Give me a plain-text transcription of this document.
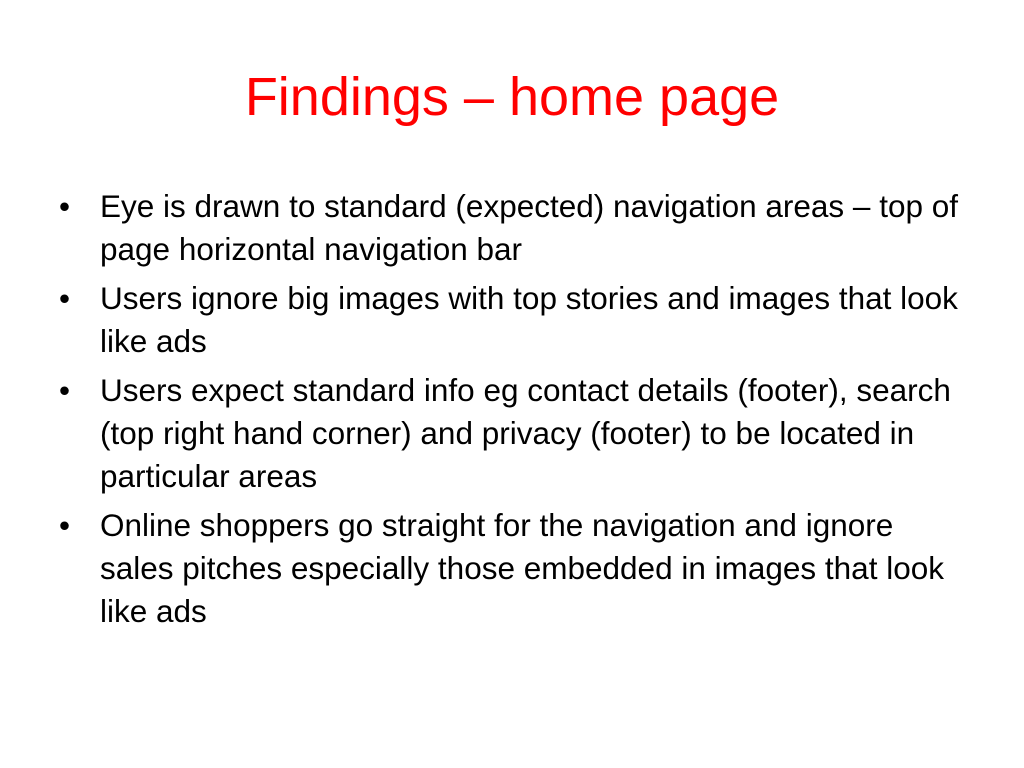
Findings – home page
• Eye is drawn to standard (expected) navigation areas – top of page horizontal navigation bar
• Users ignore big images with top stories and images that look like ads
• Users expect standard info eg contact details (footer), search (top right hand corner) and privacy (footer) to be located in particular areas
• Online shoppers go straight for the navigation and ignore sales pitches especially those embedded in images that look like ads
